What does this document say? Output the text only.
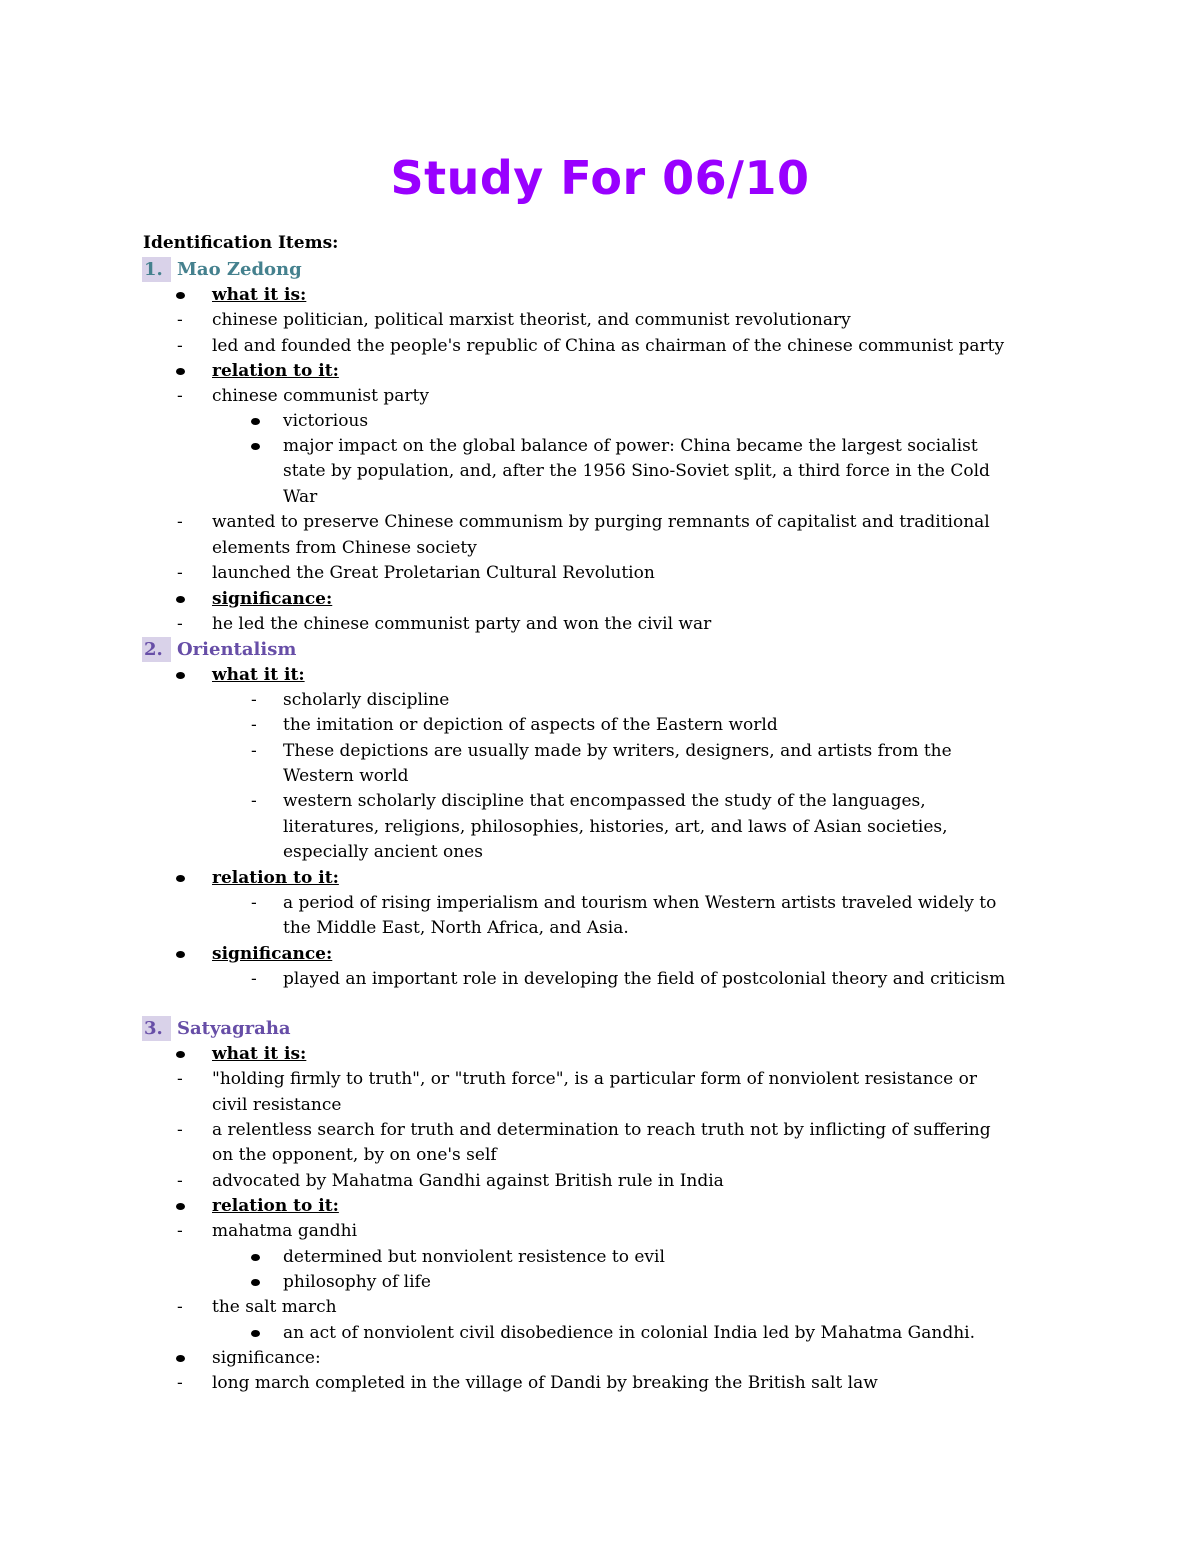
Study For 06/10
Identification Items:
1. Mao Zedong
what it is:
- chinese politician, political marxist theorist, and communist revolutionary
- led and founded the people's republic of China as chairman of the chinese communist party
relation to it:
- chinese communist party
victorious
major impact on the global balance of power: China became the largest socialist
state by population, and, after the 1956 Sino-Soviet split, a third force in the Cold
War
- wanted to preserve Chinese communism by purging remnants of capitalist and traditional
elements from Chinese society
- launched the Great Proletarian Cultural Revolution
significance:
- he led the chinese communist party and won the civil war
2. Orientalism
what it it:
- scholarly discipline
- the imitation or depiction of aspects of the Eastern world
- These depictions are usually made by writers, designers, and artists from the
Western world
- western scholarly discipline that encompassed the study of the languages,
literatures, religions, philosophies, histories, art, and laws of Asian societies,
especially ancient ones
relation to it:
- a period of rising imperialism and tourism when Western artists traveled widely to
the Middle East, North Africa, and Asia.
significance:
- played an important role in developing the field of postcolonial theory and criticism
3. Satyagraha
what it is:
- "holding firmly to truth", or "truth force", is a particular form of nonviolent resistance or
civil resistance
- a relentless search for truth and determination to reach truth not by inflicting of suffering
on the opponent, by on one's self
- advocated by Mahatma Gandhi against British rule in India
relation to it:
- mahatma gandhi
determined but nonviolent resistence to evil
philosophy of life
- the salt march
an act of nonviolent civil disobedience in colonial India led by Mahatma Gandhi.
significance:
- long march completed in the village of Dandi by breaking the British salt law
